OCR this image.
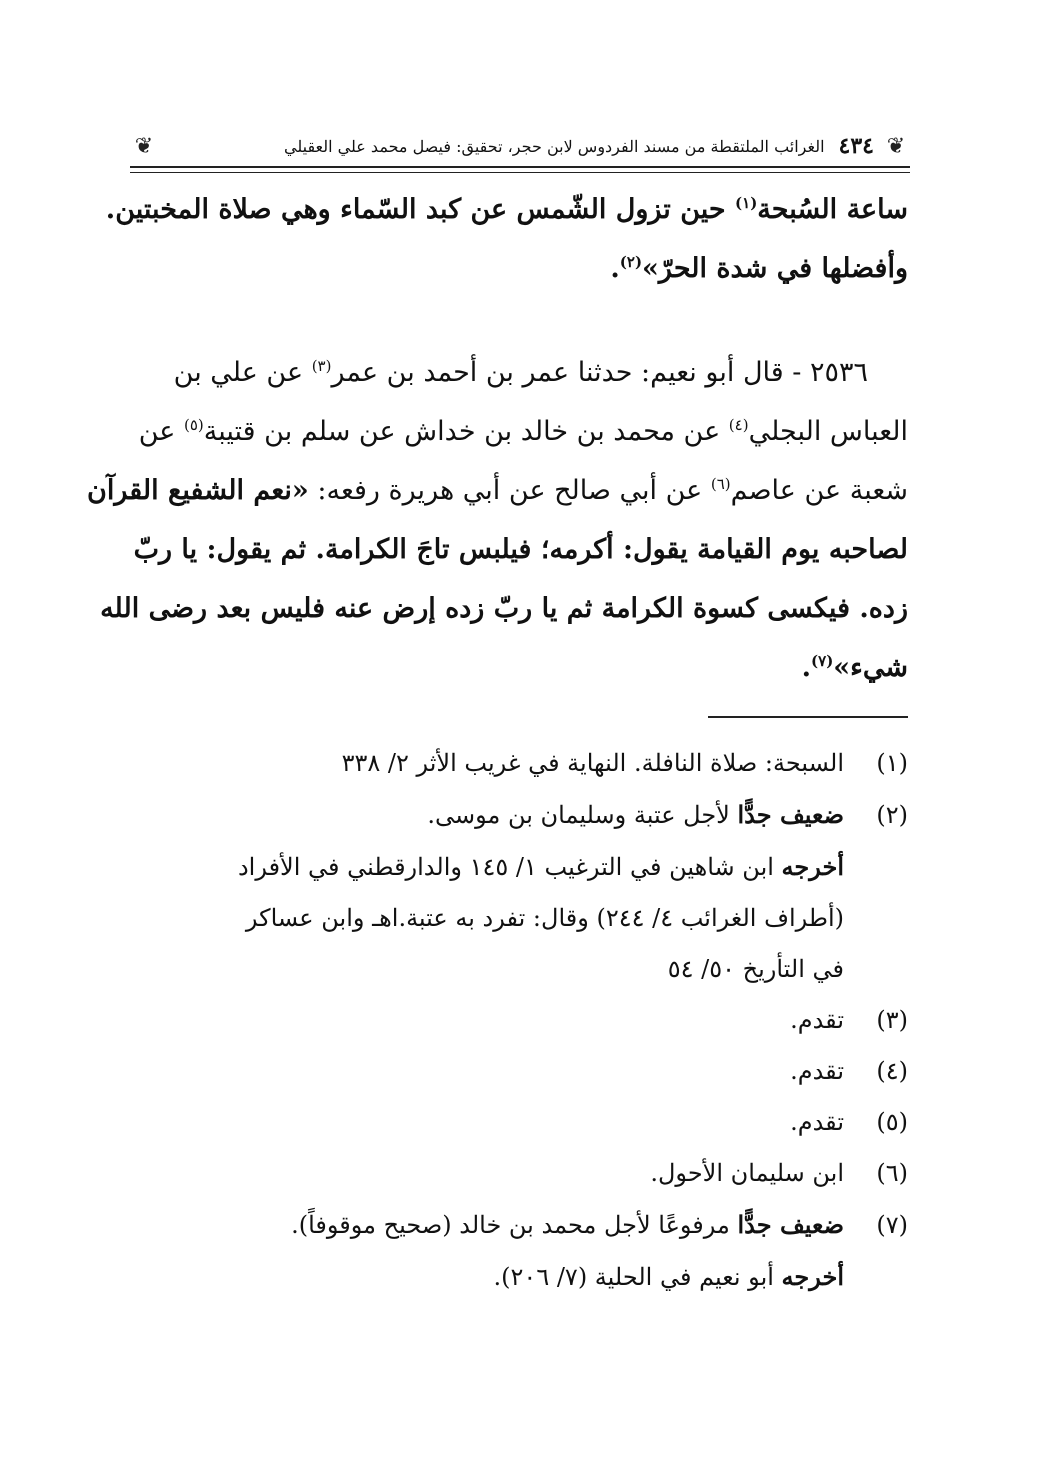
❦
٤٣٤
الغرائب الملتقطة من مسند الفردوس لابن حجر، تحقيق: فيصل محمد علي العقيلي
❦
ساعة السُبحة$^{(١)}$ حين تزول الشّمس عن كبد السّماء وهي صلاة المخبتين.
وأفضلها في شدة الحرّ»$^{(٢)}$.
٢٥٣٦ - قال أبو نعيم: حدثنا عمر بن أحمد بن عمر$^{(٣)}$ عن علي بن
العباس البجلي$^{(٤)}$ عن محمد بن خالد بن خداش عن سلم بن قتيبة$^{(٥)}$ عن
شعبة عن عاصم$^{(٦)}$ عن أبي صالح عن أبي هريرة رفعه: «نعم الشفيع القرآن
لصاحبه يوم القيامة يقول: أكرمه؛ فيلبس تاجَ الكرامة. ثم يقول: يا ربّ
زده. فيكسى كسوة الكرامة ثم يا ربّ زده إرض عنه فليس بعد رضى الله
شيء»$^{(٧)}$.
(١)
السبحة: صلاة النافلة. النهاية في غريب الأثر ٢/ ٣٣٨
(٢)
ضعيف جدًّا لأجل عتبة وسليمان بن موسى.
أخرجه ابن شاهين في الترغيب ١/ ١٤٥ والدارقطني في الأفراد
(أطراف الغرائب ٤/ ٢٤٤) وقال: تفرد به عتبة.اهـ وابن عساكر
في التأريخ ٥٠/ ٥٤
(٣)
تقدم.
(٤)
تقدم.
(٥)
تقدم.
(٦)
ابن سليمان الأحول.
(٧)
ضعيف جدًّا مرفوعًا لأجل محمد بن خالد (صحيح موقوفاً).
أخرجه أبو نعيم في الحلية (٧/ ٢٠٦).
